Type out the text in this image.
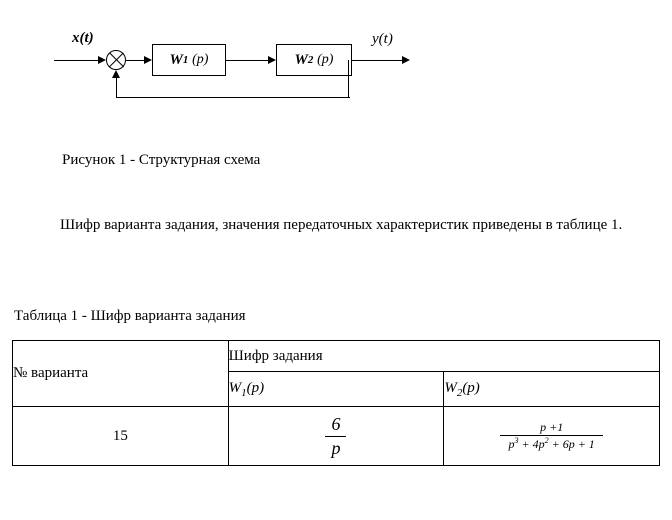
x(t)	y(t)
W 1
(p)	W 2
(p)
Рисунок 1 - Структурная схема
Шифр варианта задания, значения передаточных характеристик приведены в таблице 1.
Таблица 1 - Шифр варианта задания
№ варианта	Шифр задания	
	$W_1(p)$	$W_2(p)$
15	$\frac{6}{p}$	$\frac{p +1}{p^3 + 4p^2 + 6p + 1}$
